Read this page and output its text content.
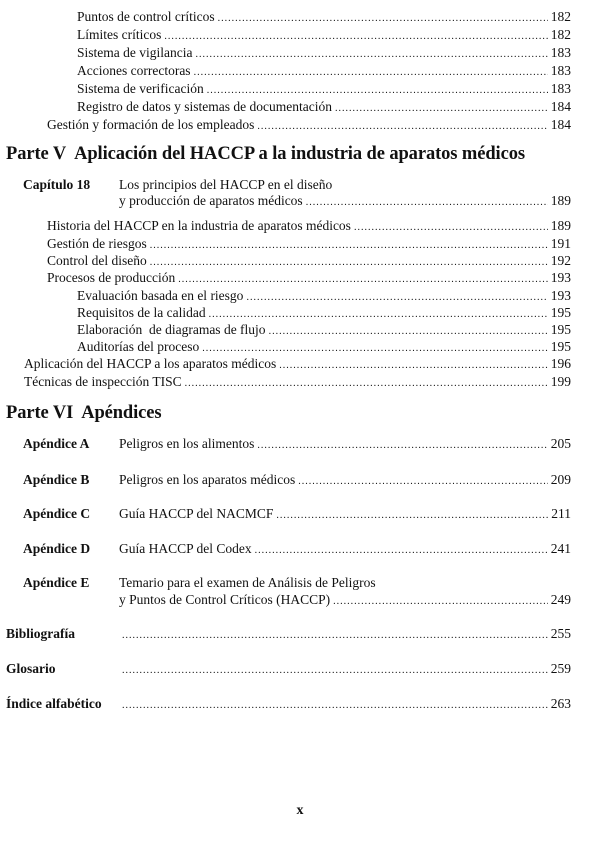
Puntos de control críticos .....	182
Límites críticos .....	182
Sistema de vigilancia .....	183
Acciones correctoras .....	183
Sistema de verificación .....	183
Registro de datos y sistemas de documentación .....	184
Gestión y formación de los empleados .....	184
Parte V Aplicación del HACCP a la industria de aparatos médicos
Capítulo 18 Los principios del HACCP en el diseño
y producción de aparatos médicos .....	189
Historia del HACCP en la industria de aparatos médicos .....	189
Gestión de riesgos .....	191
Control del diseño .....	192
Procesos de producción .....	193
Evaluación basada en el riesgo .....	193
Requisitos de la calidad .....	195
Elaboración  de diagramas de flujo .....	195
Auditorías del proceso .....	195
Aplicación del HACCP a los aparatos médicos .....	196
Técnicas de inspección TISC .....	199
Parte VI Apéndices
Apéndice A	Peligros en los alimentos .....	205
Apéndice B	Peligros en los aparatos médicos .....	209
Apéndice C	Guía HACCP del NACMCF .....	211
Apéndice D	Guía HACCP del Codex .....	241
Apéndice E Temario para el examen de Análisis de Peligros
y Puntos de Control Críticos (HACCP) .....	249
Bibliografía .....	255
Glosario .....	259
Índice alfabético .....	263
x
